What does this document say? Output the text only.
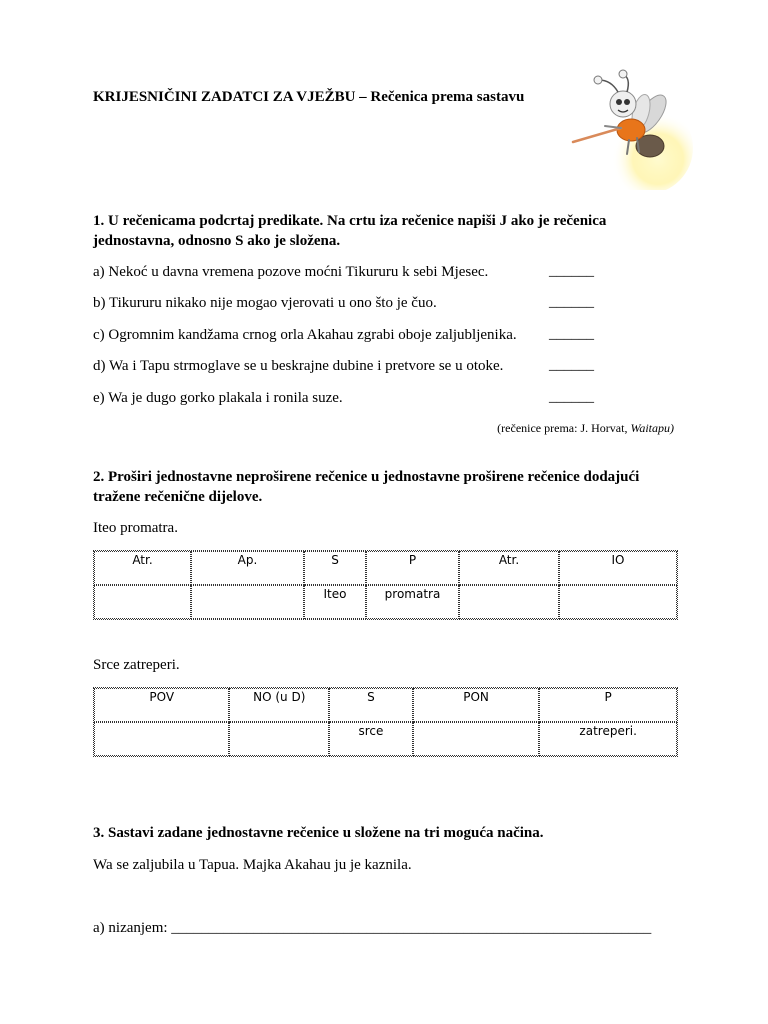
KRIJESNIČINI ZADATCI ZA VJEŽBU – Rečenica prema sastavu
1. U rečenicama podcrtaj predikate. Na crtu iza rečenice napiši J ako je rečenica
jednostavna, odnosno S ako je složena.
a) Nekoć u davna vremena pozove moćni Tikururu k sebi Mjesec.	______
b) Tikururu nikako nije mogao vjerovati u ono što je čuo.	______
c) Ogromnim kandžama crnog orla Akahau zgrabi oboje zaljubljenika. ______
d) Wa i Tapu strmoglave se u beskrajne dubine i pretvore se u otoke.	______
e) Wa je dugo gorko plakala i ronila suze.	______
(rečenice prema: J. Horvat, Waitapu)
2. Proširi jednostavne neproširene rečenice u jednostavne proširene rečenice dodajući
tražene rečenične dijelove.
Iteo promatra.
Atr.	Ap.	S	P	Atr.	IO
		Iteo	promatra		
Srce zatreperi.
POV	NO (u D)	S	PON	P
		srce		zatreperi.
3. Sastavi zadane jednostavne rečenice u složene na tri moguća načina.
Wa se zaljubila u Tapua. Majka Akahau ju je kaznila.
a) nizanjem: ________________________________________________________________
